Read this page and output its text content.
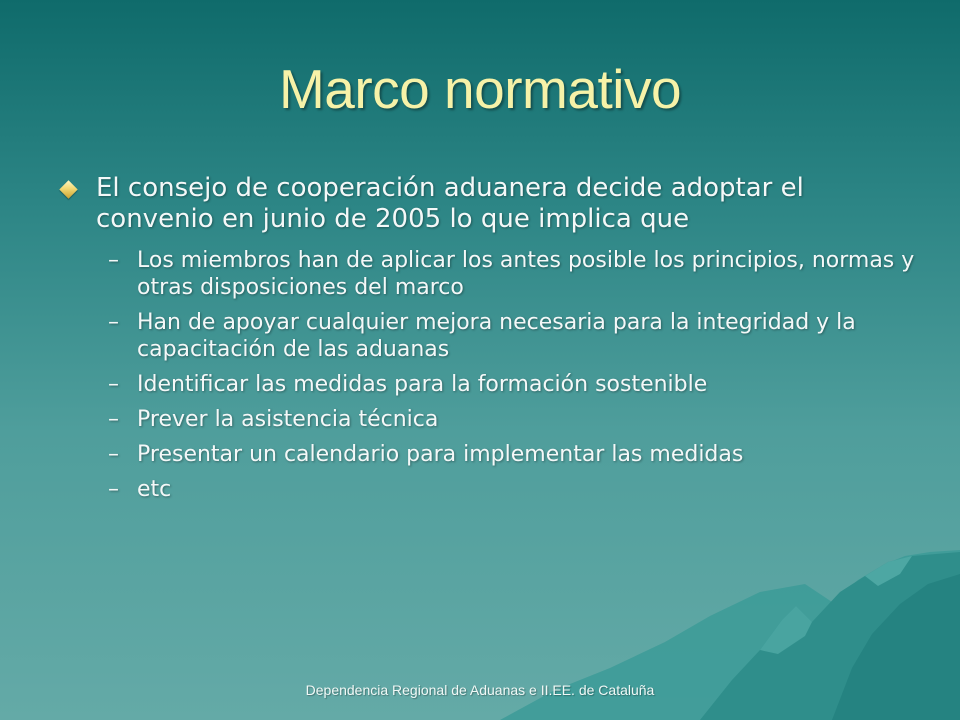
Marco normativo
El consejo de cooperación aduanera decide adoptar el convenio en junio de 2005 lo que implica que
– Los miembros han de aplicar los antes posible los principios, normas y otras disposiciones del marco
– Han de apoyar cualquier mejora necesaria para la integridad y la capacitación de las aduanas
– Identificar las medidas para la formación sostenible
– Prever la asistencia técnica
– Presentar un calendario para implementar las medidas
– etc
Dependencia Regional de Aduanas e II.EE. de Cataluña
